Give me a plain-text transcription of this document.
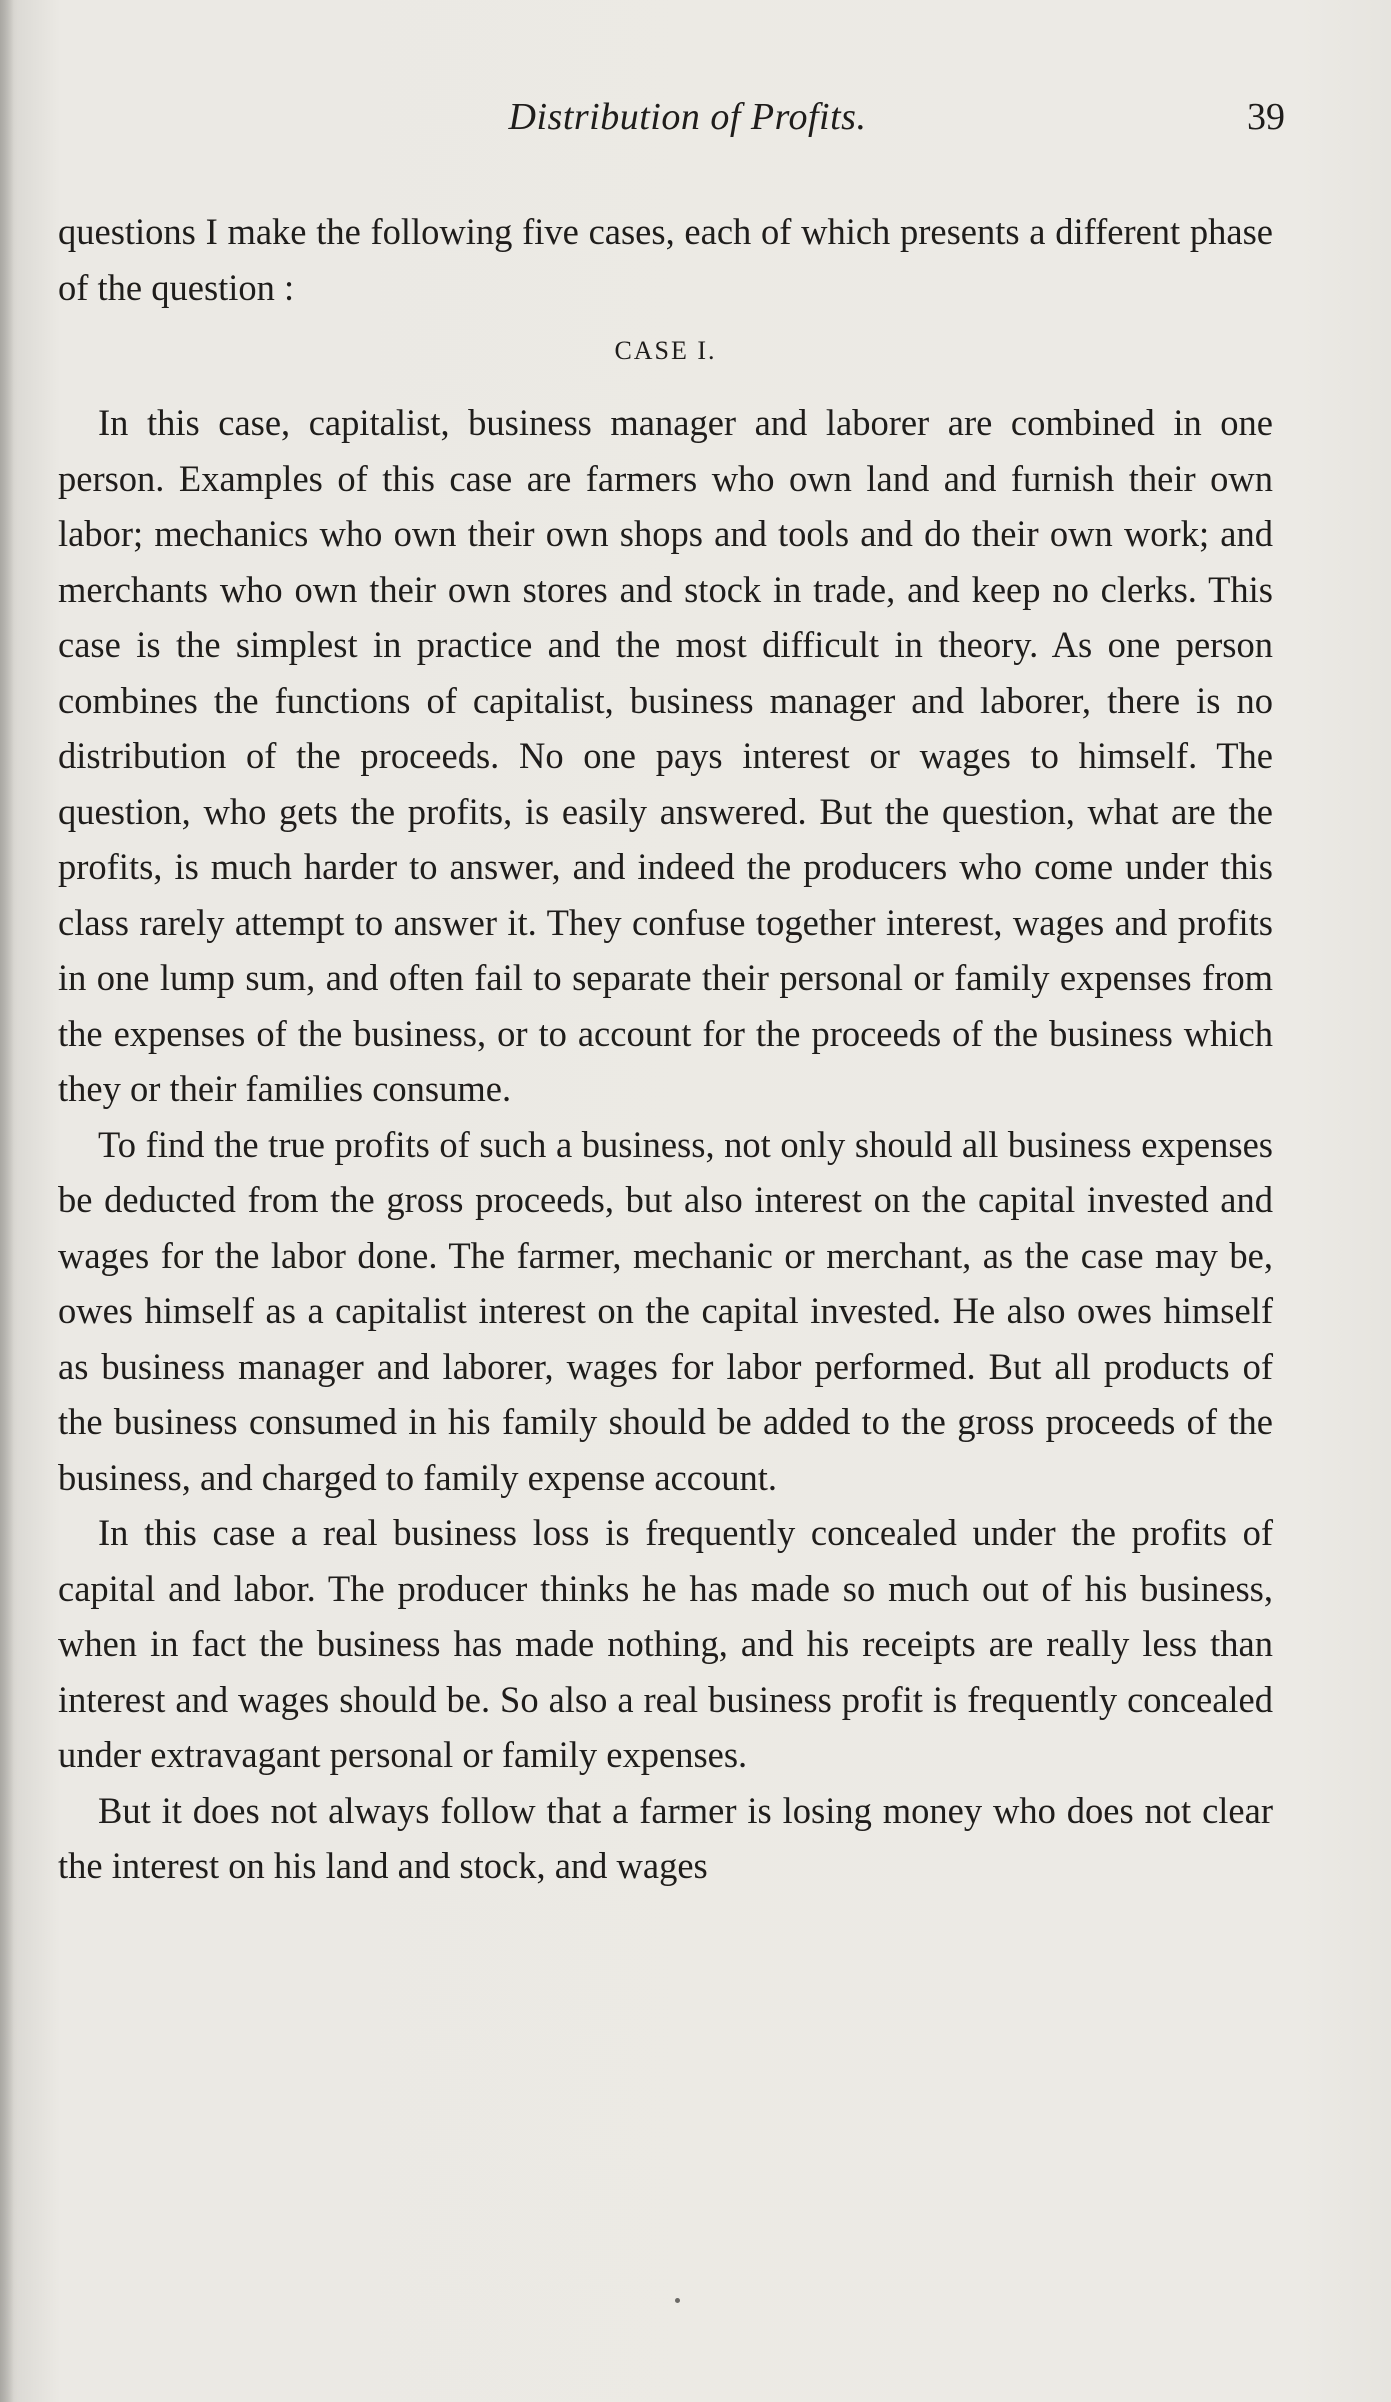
Distribution of Profits.	39

questions I make the following five cases, each of which presents a different phase of the question :

CASE I.

In this case, capitalist, business manager and laborer are combined in one person. Examples of this case are farmers who own land and furnish their own labor; mechanics who own their own shops and tools and do their own work; and merchants who own their own stores and stock in trade, and keep no clerks. This case is the simplest in practice and the most difficult in theory. As one person combines the functions of capitalist, business manager and laborer, there is no distribution of the proceeds. No one pays interest or wages to himself. The question, who gets the profits, is easily answered. But the question, what are the profits, is much harder to answer, and indeed the producers who come under this class rarely attempt to answer it. They confuse together interest, wages and profits in one lump sum, and often fail to separate their personal or family expenses from the expenses of the business, or to account for the proceeds of the business which they or their families consume.

To find the true profits of such a business, not only should all business expenses be deducted from the gross proceeds, but also interest on the capital invested and wages for the labor done. The farmer, mechanic or merchant, as the case may be, owes himself as a capitalist interest on the capital invested. He also owes himself as business manager and laborer, wages for labor performed. But all products of the business consumed in his family should be added to the gross proceeds of the business, and charged to family expense account.

In this case a real business loss is frequently concealed under the profits of capital and labor. The producer thinks he has made so much out of his business, when in fact the business has made nothing, and his receipts are really less than interest and wages should be. So also a real business profit is frequently concealed under extravagant personal or family expenses.

But it does not always follow that a farmer is losing money who does not clear the interest on his land and stock, and wages
